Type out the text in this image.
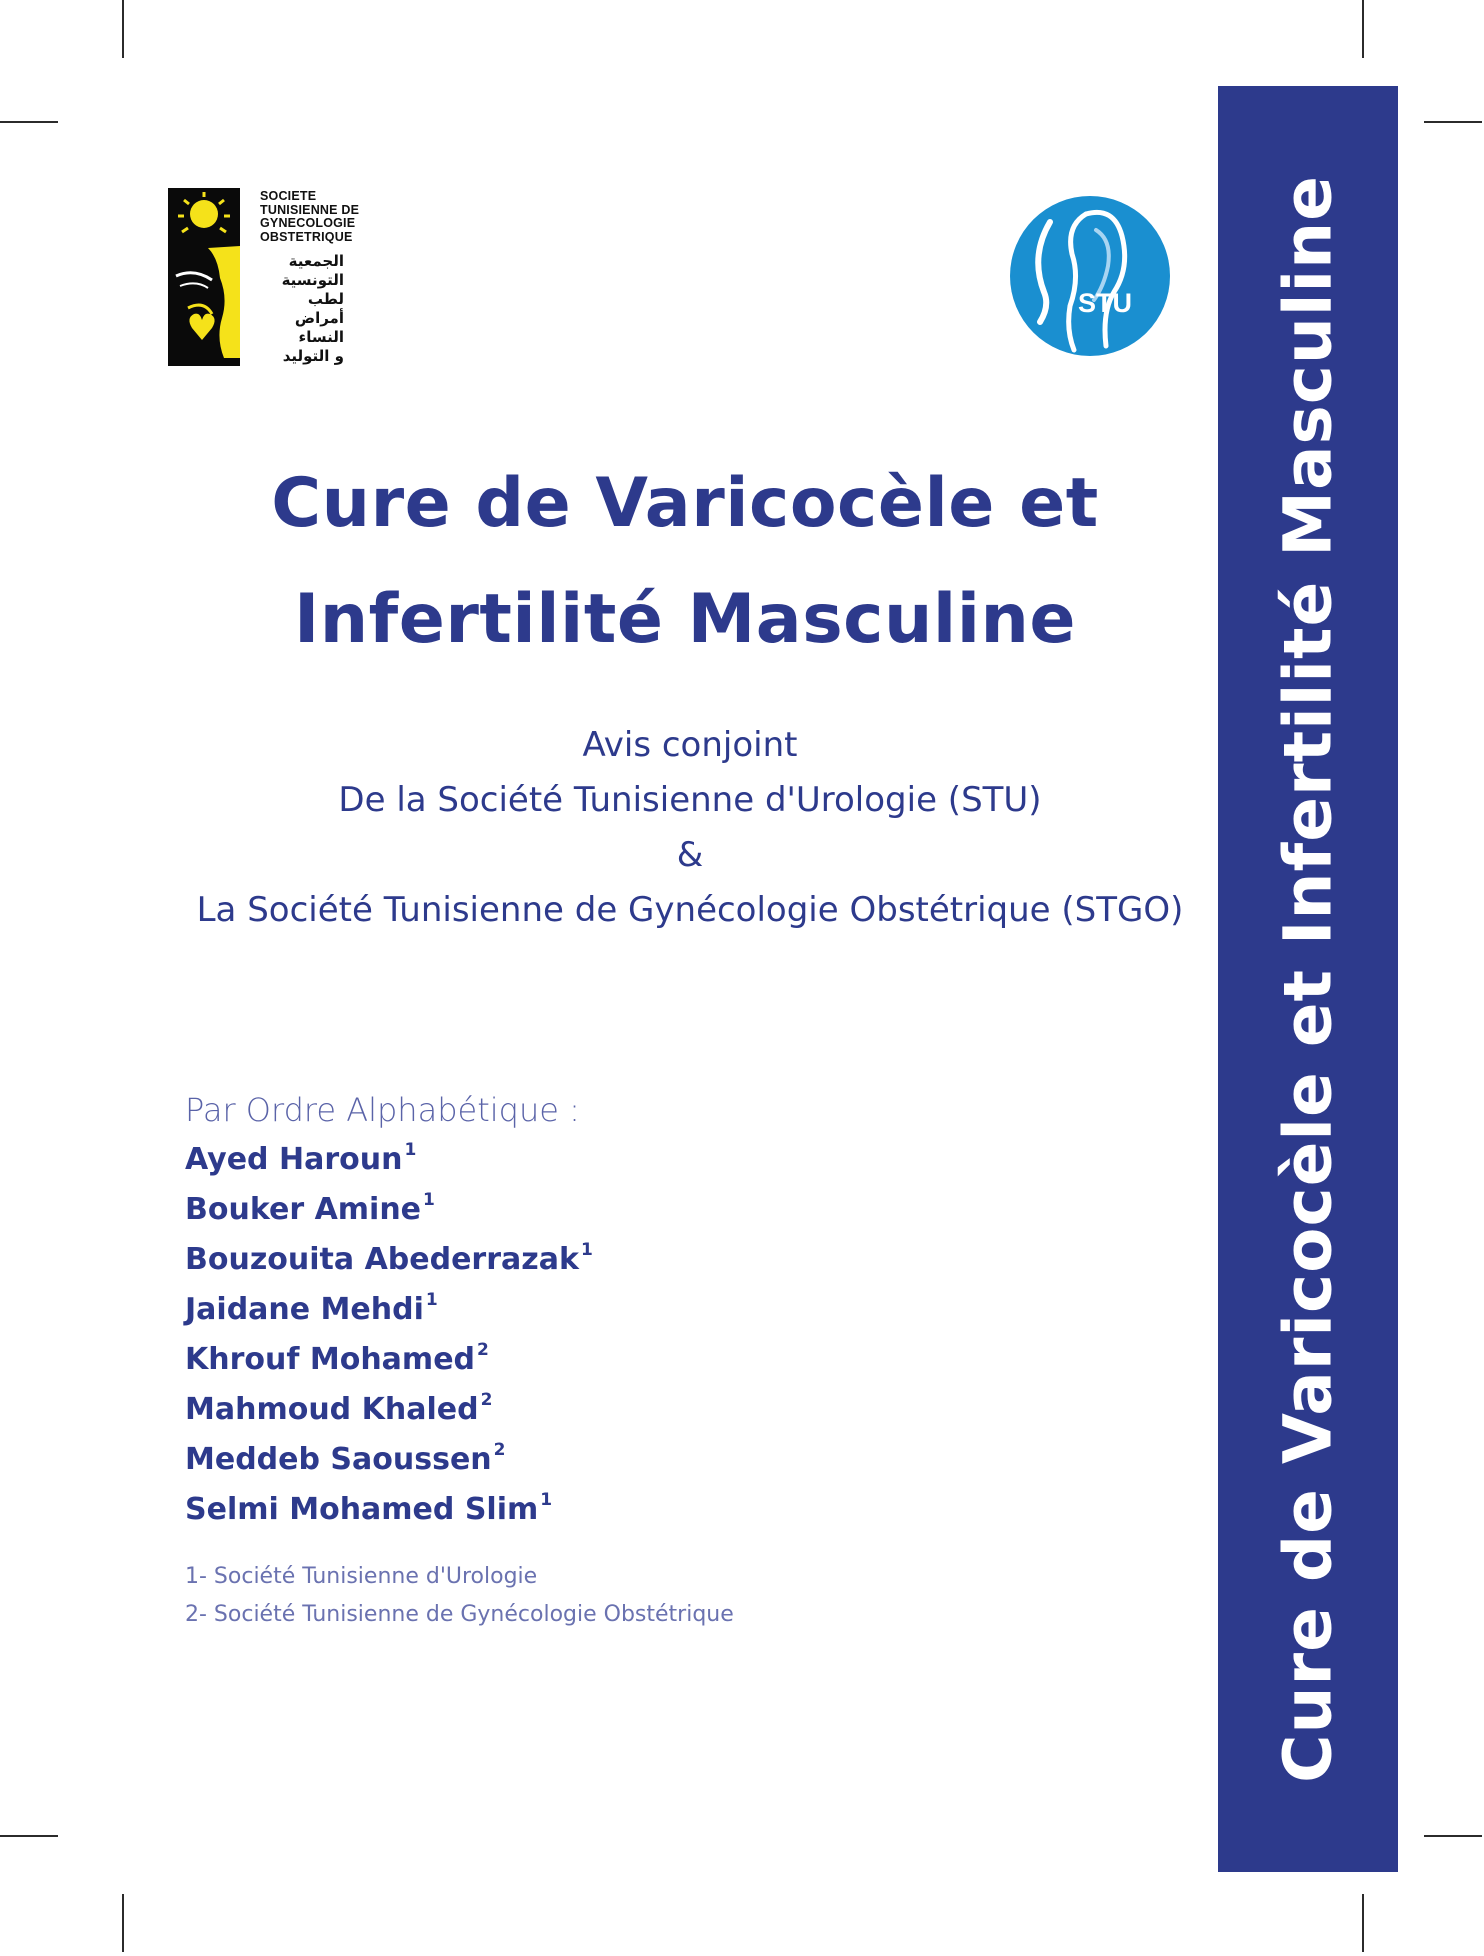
SOCIETE
TUNISIENNE DE
GYNECOLOGIE
OBSTETRIQUE
الجمعية
التونسية
لطب
أمراض
النساء
و التوليد
STU
Cure de Varicocèle et
Infertilité Masculine
Avis conjoint
De la Société Tunisienne d'Urologie (STU)
&
La Société Tunisienne de Gynécologie Obstétrique (STGO)
Par Ordre Alphabétique :
Ayed Haroun $^1$
Bouker Amine $^1$
Bouzouita Abederrazak $^1$
Jaidane Mehdi $^1$
Khrouf Mohamed $^2$
Mahmoud Khaled $^2$
Meddeb Saoussen $^2$
Selmi Mohamed Slim $^1$
1- Société Tunisienne d'Urologie
2- Société Tunisienne de Gynécologie Obstétrique	Cure de Varicocèle et Infertilité Masculine
